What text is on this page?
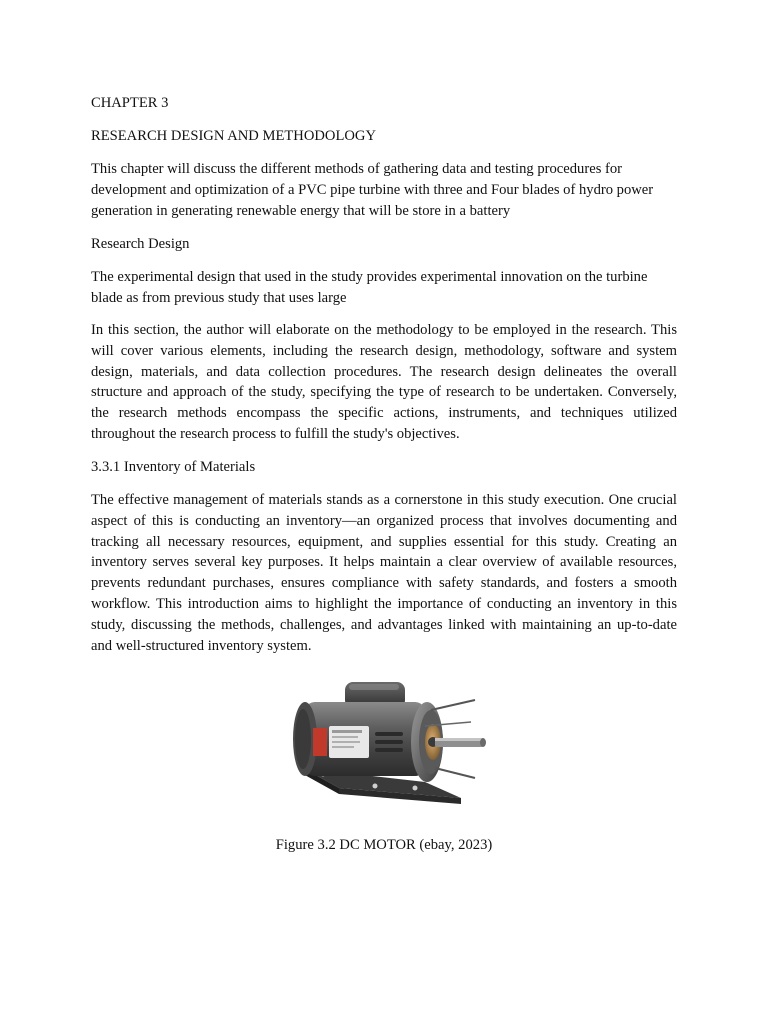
CHAPTER 3
RESEARCH DESIGN AND METHODOLOGY
This chapter will discuss the different methods of gathering data and testing procedures for development and optimization of a PVC pipe turbine with three and Four blades of hydro power generation in generating renewable energy that will be store in a battery
Research Design
The experimental design that used in the study provides experimental innovation on the turbine blade as from previous study that uses large
In this section, the author will elaborate on the methodology to be employed in the research. This will cover various elements, including the research design, methodology, software and system design, materials, and data collection procedures. The research design delineates the overall structure and approach of the study, specifying the type of research to be undertaken. Conversely, the research methods encompass the specific actions, instruments, and techniques utilized throughout the research process to fulfill the study's objectives.
3.3.1 Inventory of Materials
The effective management of materials stands as a cornerstone in this study execution. One crucial aspect of this is conducting an inventory—an organized process that involves documenting and tracking all necessary resources, equipment, and supplies essential for this study. Creating an inventory serves several key purposes. It helps maintain a clear overview of available resources, prevents redundant purchases, ensures compliance with safety standards, and fosters a smooth workflow. This introduction aims to highlight the importance of conducting an inventory in this study, discussing the methods, challenges, and advantages linked with maintaining an up-to-date and well-structured inventory system.
Figure 3.2 DC MOTOR (ebay, 2023)
